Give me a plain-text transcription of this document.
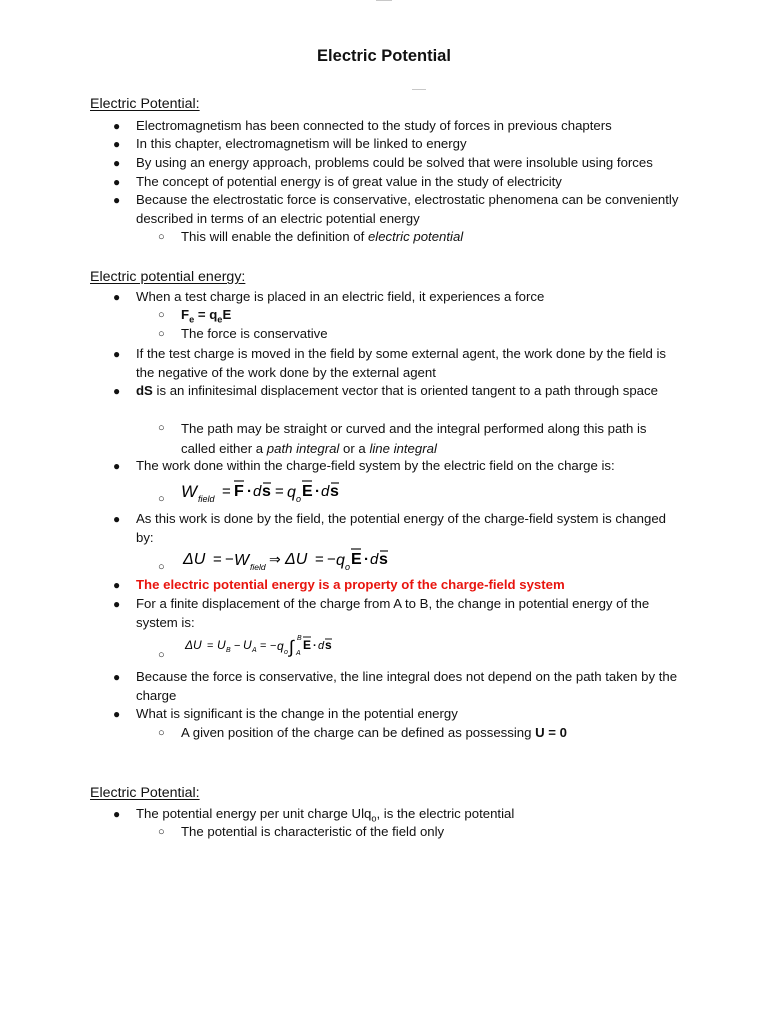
Electric Potential
Electric Potential:
● Electromagnetism has been connected to the study of forces in previous chapters
● In this chapter, electromagnetism will be linked to energy
● By using an energy approach, problems could be solved that were insoluble using forces
● The concept of potential energy is of great value in the study of electricity
● Because the electrostatic force is conservative, electrostatic phenomena can be conveniently described in terms of an electric potential energy
○ This will enable the definition of electric potential
Electric potential energy:
● When a test charge is placed in an electric field, it experiences a force
○ $F_e = q_eE$
○ The force is conservative
● If the test charge is moved in the field by some external agent, the work done by the field is the negative of the work done by the external agent
● dS is an infinitesimal displacement vector that is oriented tangent to a path through space
○ The path may be straight or curved and the integral performed along this path is called either a path integral or a line integral
● The work done within the charge-field system by the electric field on the charge is:
○ W field = F · d s = q o E · d s
● As this work is done by the field, the potential energy of the charge-field system is changed by:
○ ΔU = − W field ⇒ ΔU = − q o E · d s
● The electric potential energy is a property of the charge-field system
● For a finite displacement of the charge from A to B, the change in potential energy of the system is:
○
ΔU = U B − U A = − q o ∫ B
A
E · d s
● Because the force is conservative, the line integral does not depend on the path taken by the charge
● What is significant is the change in the potential energy
○ A given position of the charge can be defined as possessing U = 0
Electric Potential:
● The potential energy per unit charge Ulq$_o$, is the electric potential
○ The potential is characteristic of the field only
